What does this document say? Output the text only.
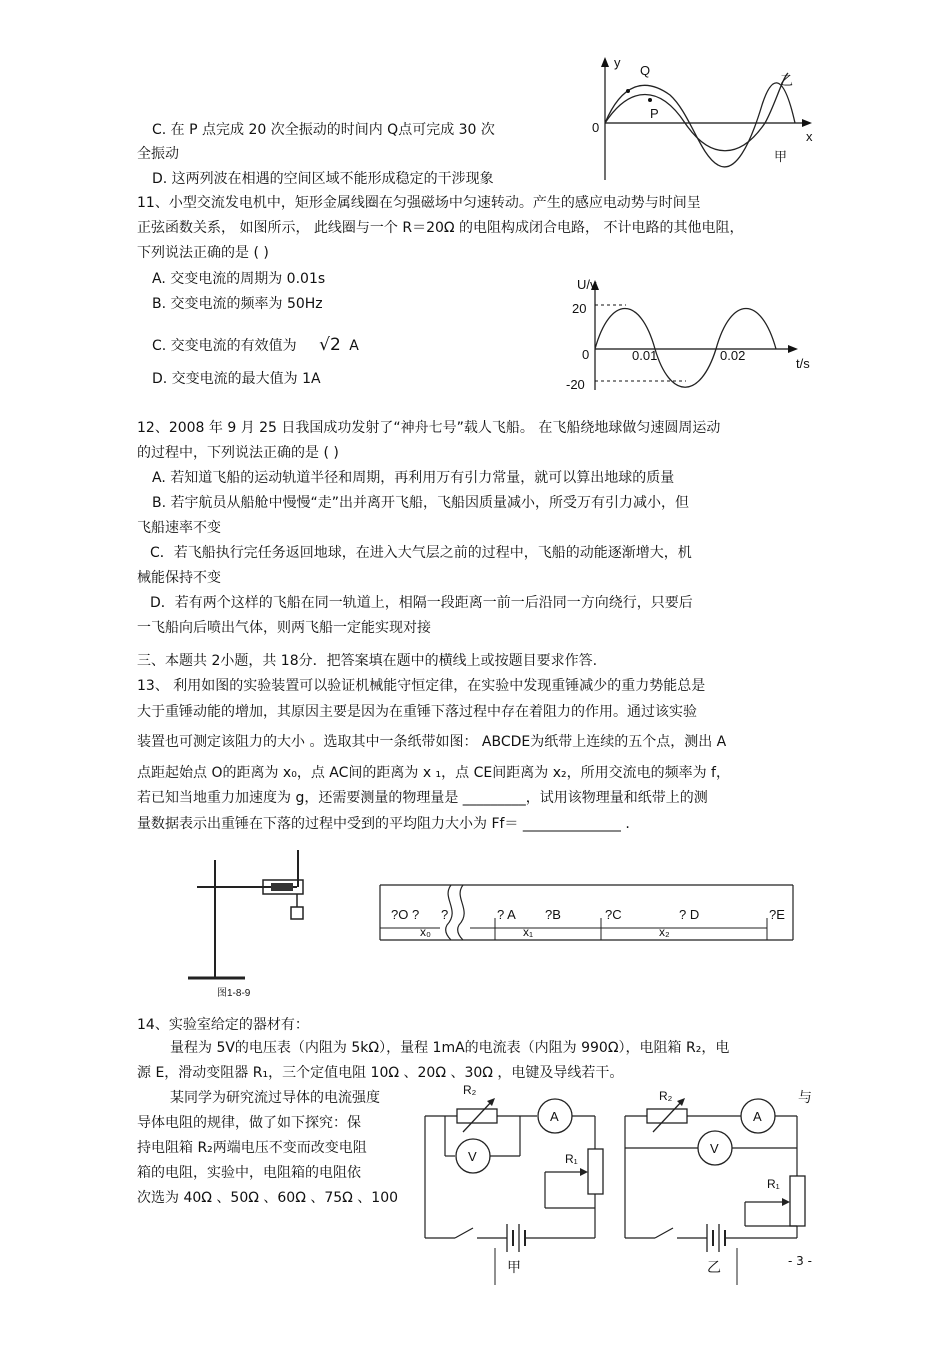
C. 在 P 点完成 20 次全振动的时间内 Q点可完成 30 次
全振动
D. 这两列波在相遇的空间区域不能形成稳定的干涉现象
y
Q
P
0
x
乙
甲
11、小型交流发电机中，矩形金属线圈在匀强磁场中匀速转动。产生的感应电动势与时间呈
正弦函数关系， 如图所示， 此线圈与一个 R＝20Ω 的电阻构成闭合电路， 不计电路的其他电阻，
下列说法正确的是 ( )
A. 交变电流的周期为 0.01s
B. 交变电流的频率为 50Hz
C. 交变电流的有效值为 √2 A
D. 交变电流的最大值为 1A
U/v
20
0
-20
0.01	0.02
t/s
12、2008 年 9 月 25 日我国成功发射了“神舟七号”载人飞船。 在飞船绕地球做匀速圆周运动
的过程中，下列说法正确的是 ( )
A. 若知道飞船的运动轨道半径和周期，再利用万有引力常量，就可以算出地球的质量
B. 若宇航员从船舱中慢慢“走”出并离开飞船，飞船因质量减小，所受万有引力减小，但
飞船速率不变
C．若飞船执行完任务返回地球，在进入大气层之前的过程中，飞船的动能逐渐增大，机
械能保持不变
D．若有两个这样的飞船在同一轨道上，相隔一段距离一前一后沿同一方向绕行，只要后
一飞船向后喷出气体，则两飞船一定能实现对接
三、本题共 2小题，共 18分．把答案填在题中的横线上或按题目要求作答.
13、 利用如图的实验装置可以验证机械能守恒定律，在实验中发现重锤减少的重力势能总是
大于重锤动能的增加，其原因主要是因为在重锤下落过程中存在着阻力的作用。通过该实验
装置也可测定该阻力的大小 。选取其中一条纸带如图： ABCDE为纸带上连续的五个点，测出 A
点距起始点 O的距离为 x₀，点 AC间的距离为 x ₁，点 CE间距离为 x₂，所用交流电的频率为 f，
若已知当地重力加速度为 g，还需要测量的物理量是 _________，试用该物理量和纸带上的测
量数据表示出重锤在下落的过程中受到的平均阻力大小为 Ff＝ ______________ .
图1-8-9
?O ? ?	? A ?B	?C	? D	?E
x₀	x₁	x₂
14、实验室给定的器材有：
量程为 5V的电压表（内阻为 5kΩ），量程 1mA的电流表（内阻为 990Ω），电阻箱 R₂，电
源 E，滑动变阻器 R₁，三个定值电阻 10Ω 、20Ω 、30Ω ，电键及导线若干。
某同学为研究流过导体的电流强度	与
导体电阻的规律，做了如下探究：保
持电阻箱 R₂两端电压不变而改变电阻
箱的电阻，实验中，电阻箱的电阻依
次选为 40Ω 、50Ω 、60Ω 、75Ω 、100
R₂
A
V	R₁
R₂
A
V
R₁
甲	乙	- 3 -
